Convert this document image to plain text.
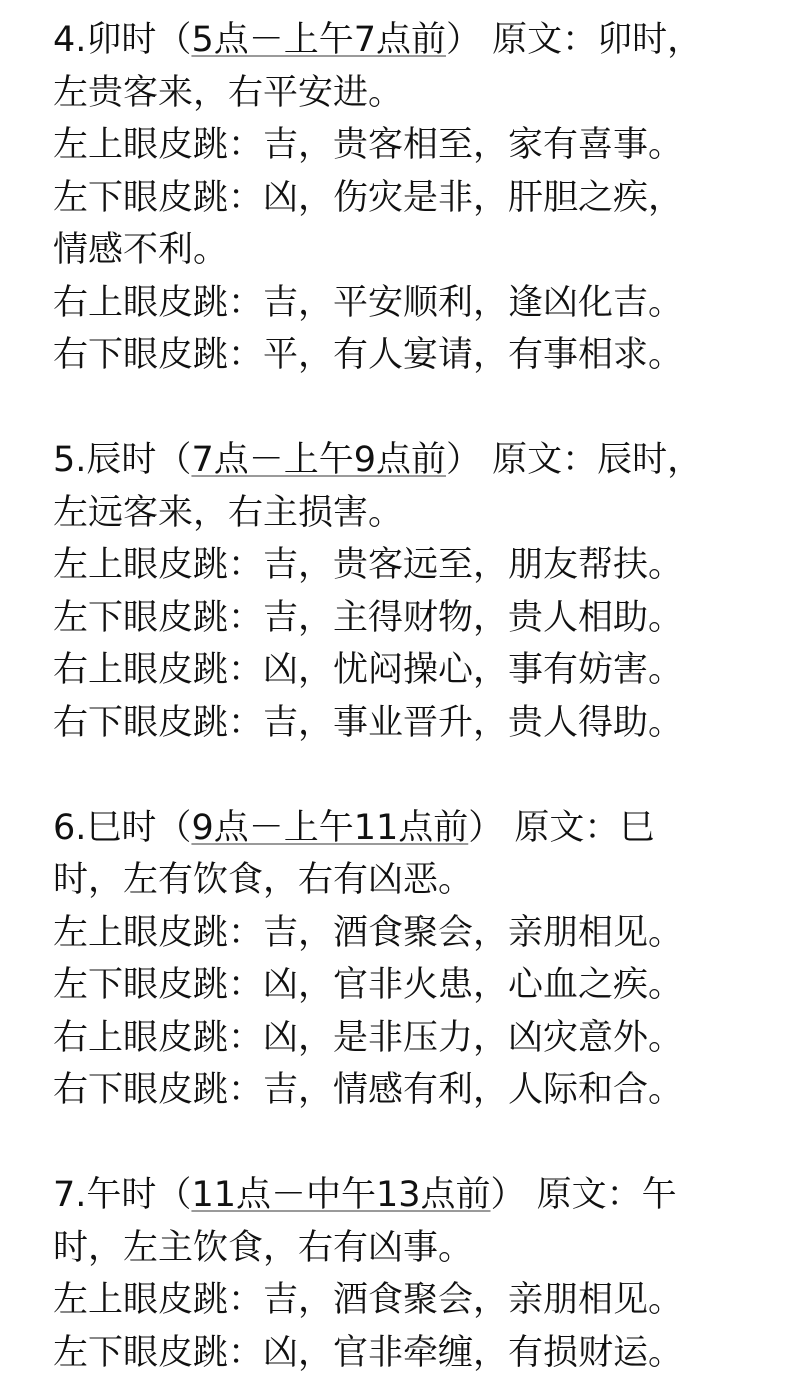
4.卯时（5点－上午7点前） 原文：卯时，
左贵客来，右平安进。
左上眼皮跳：吉，贵客相至，家有喜事。
左下眼皮跳：凶，伤灾是非，肝胆之疾，
情感不利。
右上眼皮跳：吉，平安顺利，逢凶化吉。
右下眼皮跳：平，有人宴请，有事相求。
5.辰时（7点－上午9点前） 原文：辰时，
左远客来，右主损害。
左上眼皮跳：吉，贵客远至，朋友帮扶。
左下眼皮跳：吉，主得财物，贵人相助。
右上眼皮跳：凶，忧闷操心，事有妨害。
右下眼皮跳：吉，事业晋升，贵人得助。
6.巳时（9点－上午11点前） 原文：巳
时，左有饮食，右有凶恶。
左上眼皮跳：吉，酒食聚会，亲朋相见。
左下眼皮跳：凶，官非火患，心血之疾。
右上眼皮跳：凶，是非压力，凶灾意外。
右下眼皮跳：吉，情感有利，人际和合。
7.午时（11点－中午13点前） 原文：午
时，左主饮食，右有凶事。
左上眼皮跳：吉，酒食聚会，亲朋相见。
左下眼皮跳：凶，官非牵缠，有损财运。
